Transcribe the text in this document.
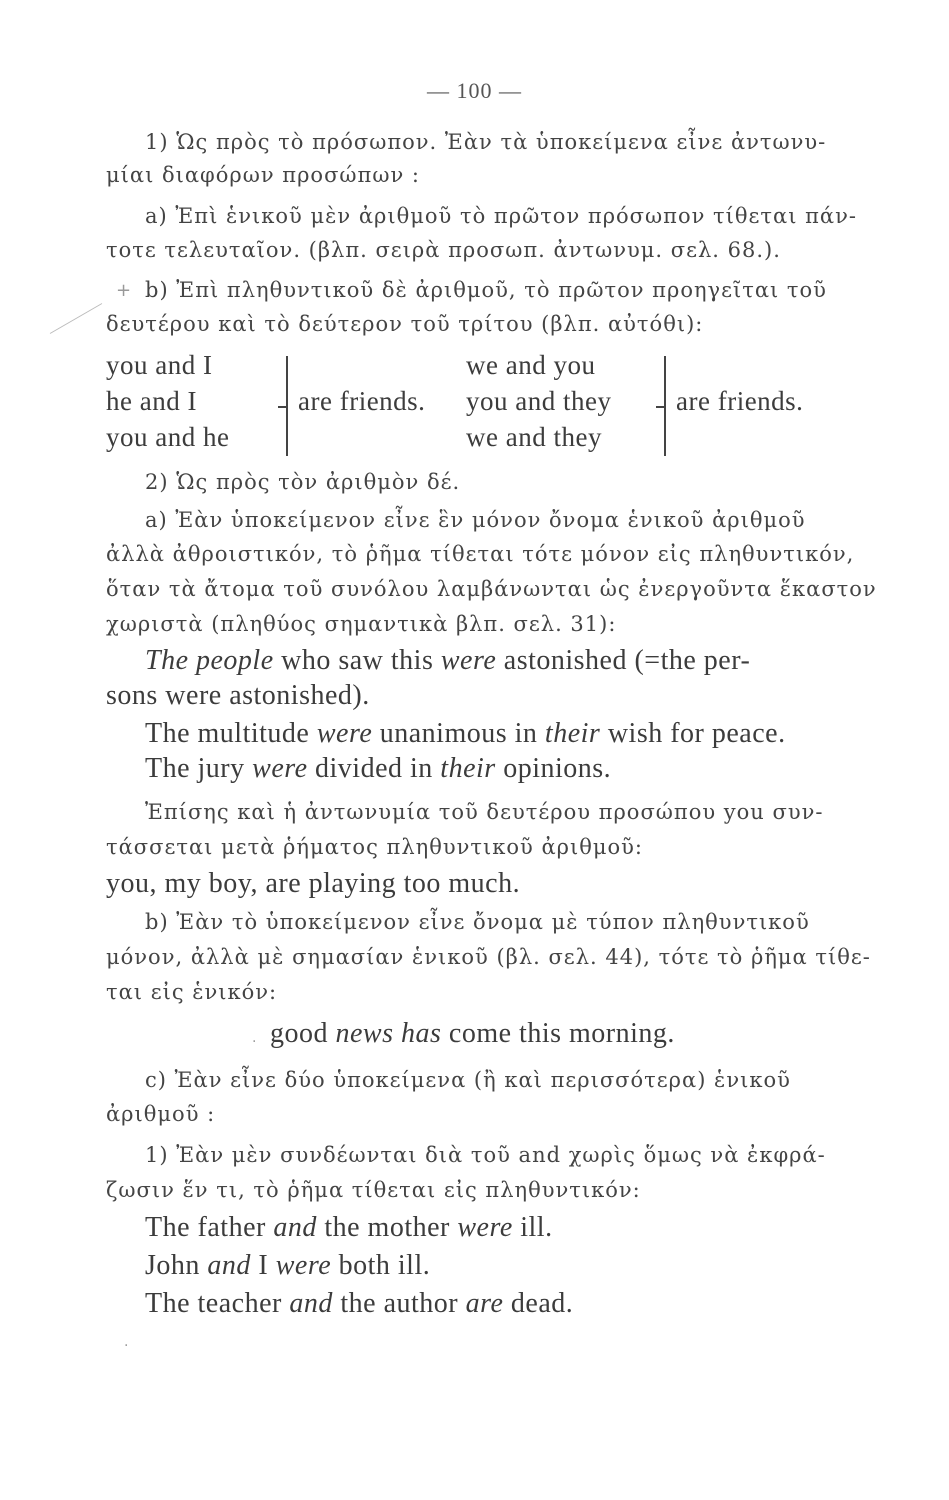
— 100 —
1) Ὡς πρὸς τὸ πρόσωπον. Ἐὰν τὰ ὑποκείμενα εἶνε ἀντωνυ-
μίαι διαφόρων προσώπων :
a) Ἐπὶ ἑνικοῦ μὲν ἀριθμοῦ τὸ πρῶτον πρόσωπον τίθεται πάν-
τοτε τελευταῖον. (βλπ. σειρὰ προσωπ. ἀντωνυμ. σελ. 68.).
+ b) Ἐπὶ πληθυντικοῦ δὲ ἀριθμοῦ, τὸ πρῶτον προηγεῖται τοῦ
δευτέρου καὶ τὸ δεύτερον τοῦ τρίτου (βλπ. αὐτόθι):
you and I
he and I
you and he
are friends.
we and you
you and they
we and they
are friends.
2) Ὡς πρὸς τὸν ἀριθμὸν δέ.
a) Ἐὰν ὑποκείμενον εἶνε ἓν μόνον ὄνομα ἑνικοῦ ἀριθμοῦ
ἀλλὰ ἀθροιστικόν, τὸ ῥῆμα τίθεται τότε μόνον εἰς πληθυντικόν,
ὅταν τὰ ἄτομα τοῦ συνόλου λαμβάνωνται ὡς ἐνεργοῦντα ἕκαστον
χωριστὰ (πληθύος σημαντικὰ βλπ. σελ. 31):
The people who saw this were astonished (=the per-
sons were astonished).
The multitude were unanimous in their wish for peace.
The jury were divided in their opinions.
Ἐπίσης καὶ ἡ ἀντωνυμία τοῦ δευτέρου προσώπου you συν-
τάσσεται μετὰ ῥήματος πληθυντικοῦ ἀριθμοῦ:
you, my boy, are playing too much.
b) Ἐὰν τὸ ὑποκείμενον εἶνε ὄνομα μὲ τύπον πληθυντικοῦ
μόνον, ἀλλὰ μὲ σημασίαν ἑνικοῦ (βλ. σελ. 44), τότε τὸ ῥῆμα τίθε-
ται εἰς ἑνικόν:
· good news has come this morning.
c) Ἐὰν εἶνε δύο ὑποκείμενα (ἢ καὶ περισσότερα) ἑνικοῦ
ἀριθμοῦ :
1) Ἐὰν μὲν συνδέωνται διὰ τοῦ and χωρὶς ὅμως νὰ ἐκφρά-
ζωσιν ἕν τι, τὸ ῥῆμα τίθεται εἰς πληθυντικόν:
The father and the mother were ill.
John and I were both ill.
The teacher and the author are dead.
·
